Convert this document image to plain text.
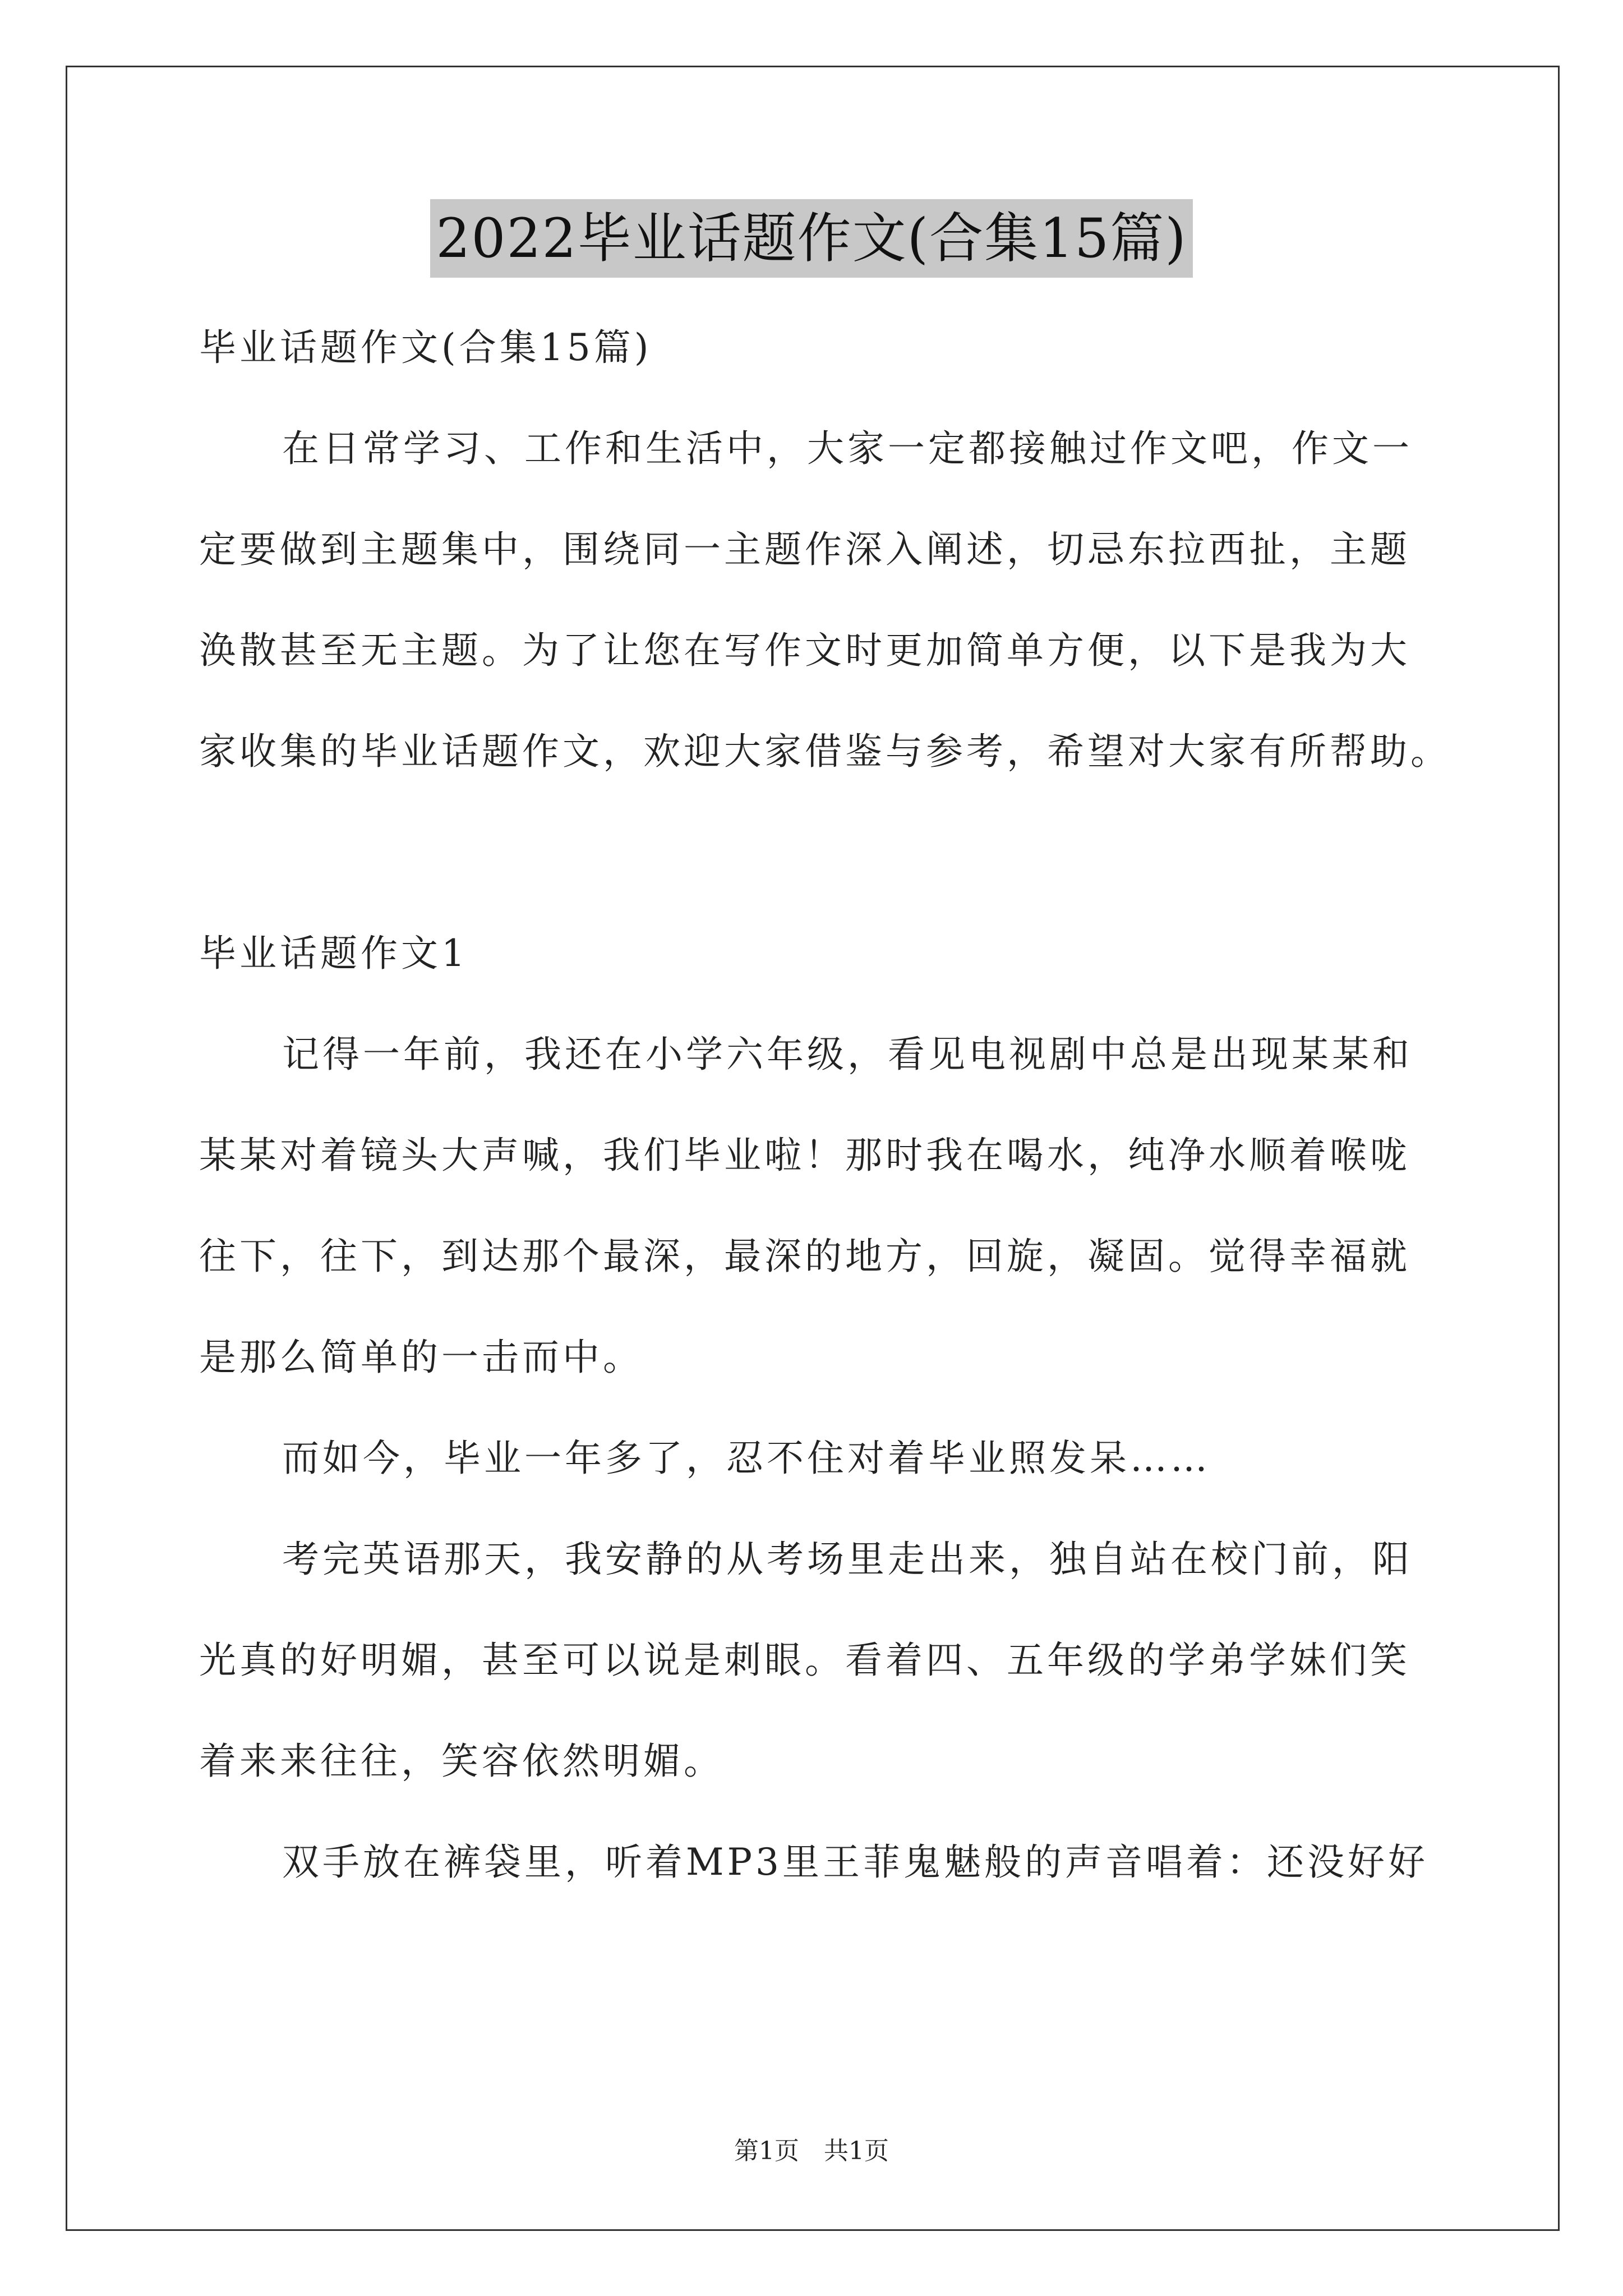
2022毕业话题作文(合集15篇)

毕业话题作文(合集15篇)

在日常学习、工作和生活中，大家一定都接触过作文吧，作文一

定要做到主题集中，围绕同一主题作深入阐述，切忌东拉西扯，主题

涣散甚至无主题。为了让您在写作文时更加简单方便，以下是我为大

家收集的毕业话题作文，欢迎大家借鉴与参考，希望对大家有所帮助。

毕业话题作文1

记得一年前，我还在小学六年级，看见电视剧中总是出现某某和

某某对着镜头大声喊，我们毕业啦！那时我在喝水，纯净水顺着喉咙

往下，往下，到达那个最深，最深的地方，回旋，凝固。觉得幸福就

是那么简单的一击而中。

而如今，毕业一年多了，忍不住对着毕业照发呆……

考完英语那天，我安静的从考场里走出来，独自站在校门前，阳

光真的好明媚，甚至可以说是刺眼。看着四、五年级的学弟学妹们笑

着来来往往，笑容依然明媚。

双手放在裤袋里，听着MP3里王菲鬼魅般的声音唱着：还没好好

第1页　共1页
